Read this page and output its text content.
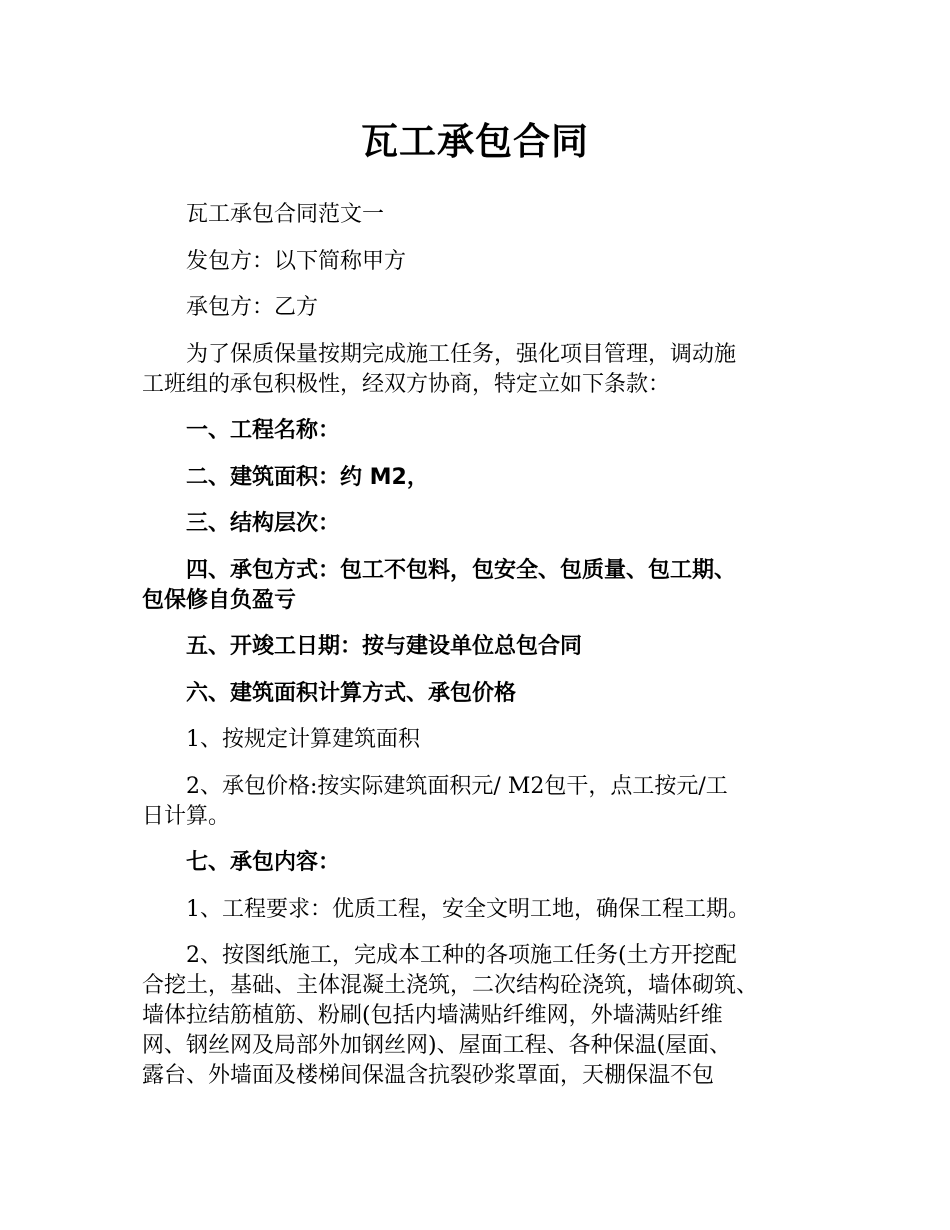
瓦工承包合同

瓦工承包合同范文一

发包方：以下简称甲方

承包方：乙方

为了保质保量按期完成施工任务，强化项目管理，调动施
工班组的承包积极性，经双方协商，特定立如下条款：

一、工程名称：

二、建筑面积：约 M2，

三、结构层次：

四、承包方式：包工不包料，包安全、包质量、包工期、
包保修自负盈亏

五、开竣工日期：按与建设单位总包合同

六、建筑面积计算方式、承包价格

1、按规定计算建筑面积

2、承包价格:按实际建筑面积元/ M2包干，点工按元/工
日计算。

七、承包内容：

1、工程要求：优质工程，安全文明工地，确保工程工期。

2、按图纸施工，完成本工种的各项施工任务(土方开挖配
合挖土，基础、主体混凝土浇筑，二次结构砼浇筑，墙体砌筑、
墙体拉结筋植筋、粉刷(包括内墙满贴纤维网，外墙满贴纤维
网、钢丝网及局部外加钢丝网)、屋面工程、各种保温(屋面、
露台、外墙面及楼梯间保温含抗裂砂浆罩面，天棚保温不包
